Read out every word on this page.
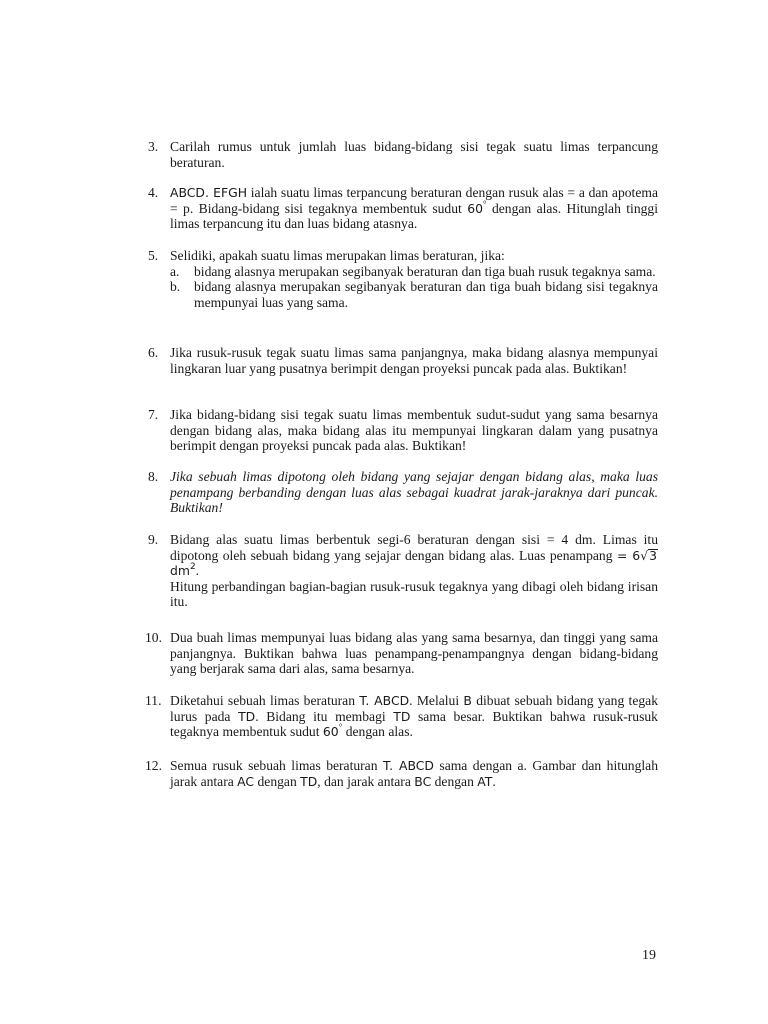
3. Carilah rumus untuk jumlah luas bidang-bidang sisi tegak suatu limas terpancung beraturan.
4. ABCD. EFGH ialah suatu limas terpancung beraturan dengan rusuk alas = a dan apotema = p. Bidang-bidang sisi tegaknya membentuk sudut 60° dengan alas. Hitunglah tinggi limas terpancung itu dan luas bidang atasnya.
5. Selidiki, apakah suatu limas merupakan limas beraturan, jika:
a. bidang alasnya merupakan segibanyak beraturan dan tiga buah rusuk tegaknya sama.
b. bidang alasnya merupakan segibanyak beraturan dan tiga buah bidang sisi tegaknya mempunyai luas yang sama.
6. Jika rusuk-rusuk tegak suatu limas sama panjangnya, maka bidang alasnya mempunyai lingkaran luar yang pusatnya berimpit dengan proyeksi puncak pada alas. Buktikan!
7. Jika bidang-bidang sisi tegak suatu limas membentuk sudut-sudut yang sama besarnya dengan bidang alas, maka bidang alas itu mempunyai lingkaran dalam yang pusatnya berimpit dengan proyeksi puncak pada alas. Buktikan!
8. Jika sebuah limas dipotong oleh bidang yang sejajar dengan bidang alas, maka luas penampang berbanding dengan luas alas sebagai kuadrat jarak-jaraknya dari puncak. Buktikan!
9. Bidang alas suatu limas berbentuk segi-6 beraturan dengan sisi = 4 dm. Limas itu dipotong oleh sebuah bidang yang sejajar dengan bidang alas. Luas penampang = 6√3 $dm^2$.
Hitung perbandingan bagian-bagian rusuk-rusuk tegaknya yang dibagi oleh bidang irisan itu.
10. Dua buah limas mempunyai luas bidang alas yang sama besarnya, dan tinggi yang sama panjangnya. Buktikan bahwa luas penampang-penampangnya dengan bidang-bidang yang berjarak sama dari alas, sama besarnya.
11. Diketahui sebuah limas beraturan T. ABCD. Melalui B dibuat sebuah bidang yang tegak lurus pada TD. Bidang itu membagi TD sama besar. Buktikan bahwa rusuk-rusuk tegaknya membentuk sudut 60° dengan alas.
12. Semua rusuk sebuah limas beraturan T. ABCD sama dengan a. Gambar dan hitunglah jarak antara AC dengan TD, dan jarak antara BC dengan AT.
19
